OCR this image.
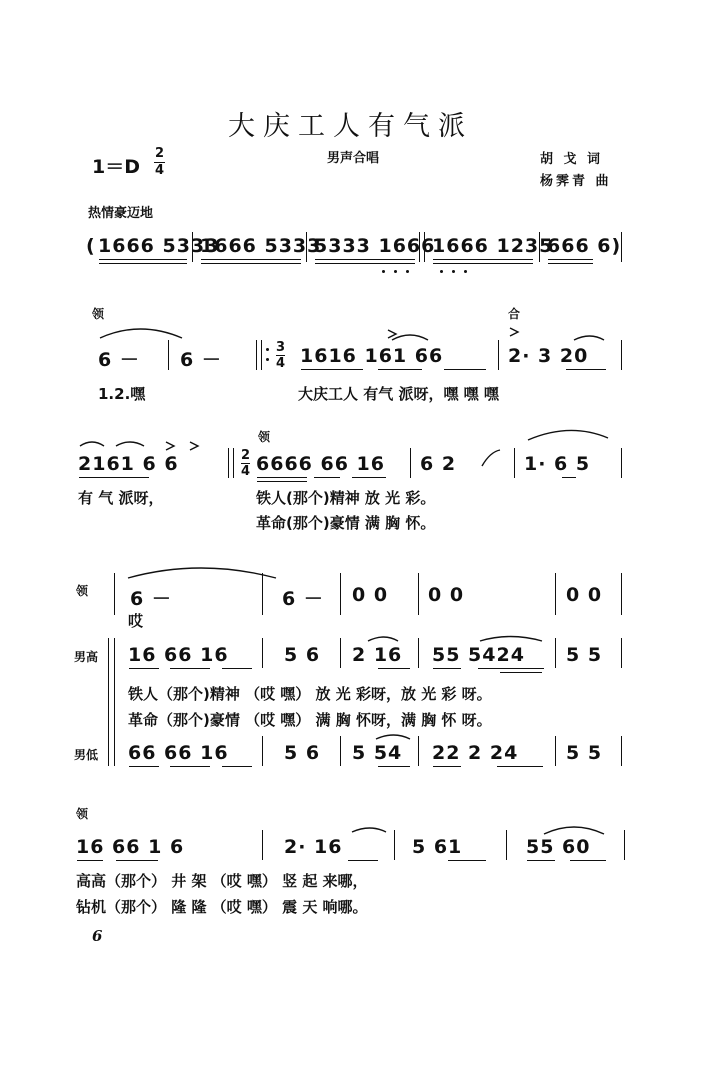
大庆工人有气派
1＝D
2
4
男声合唱	胡 戈 词
杨霁青 曲
热情豪迈地
( 1666 5333
1666 5333
5333 1666
1666 1235
666 6)
领	合
6 － 6 －
3
4 1616 161 66	2· 3 20
1.2.嘿	大庆工人 有气 派呀，嘿 嘿 嘿
领
2161 6 6	2
4 6666 66 16 6 2	1· 6 5
有 气 派呀，	铁人(那个)精神 放 光 彩。
革命(那个)豪情 满 胸 怀。
领
男高
男低
6 －	6 － 0 0 0 0	0 0
哎
16 66 16	5 6 2 16 55 5424 5 5
铁人（那个)精神 （哎 嘿） 放 光 彩呀，放 光 彩 呀。
革命（那个)豪情 （哎 嘿） 满 胸 怀呀，满 胸 怀 呀。
66 66 16	5 6 5 54 22 2 24	5 5
领
16 66 1 6	2· 16	5 61	55 60
高高（那个） 井 架 （哎 嘿） 竖 起 来哪，
钻机（那个） 隆 隆 （哎 嘿） 震 天 响哪。
6
